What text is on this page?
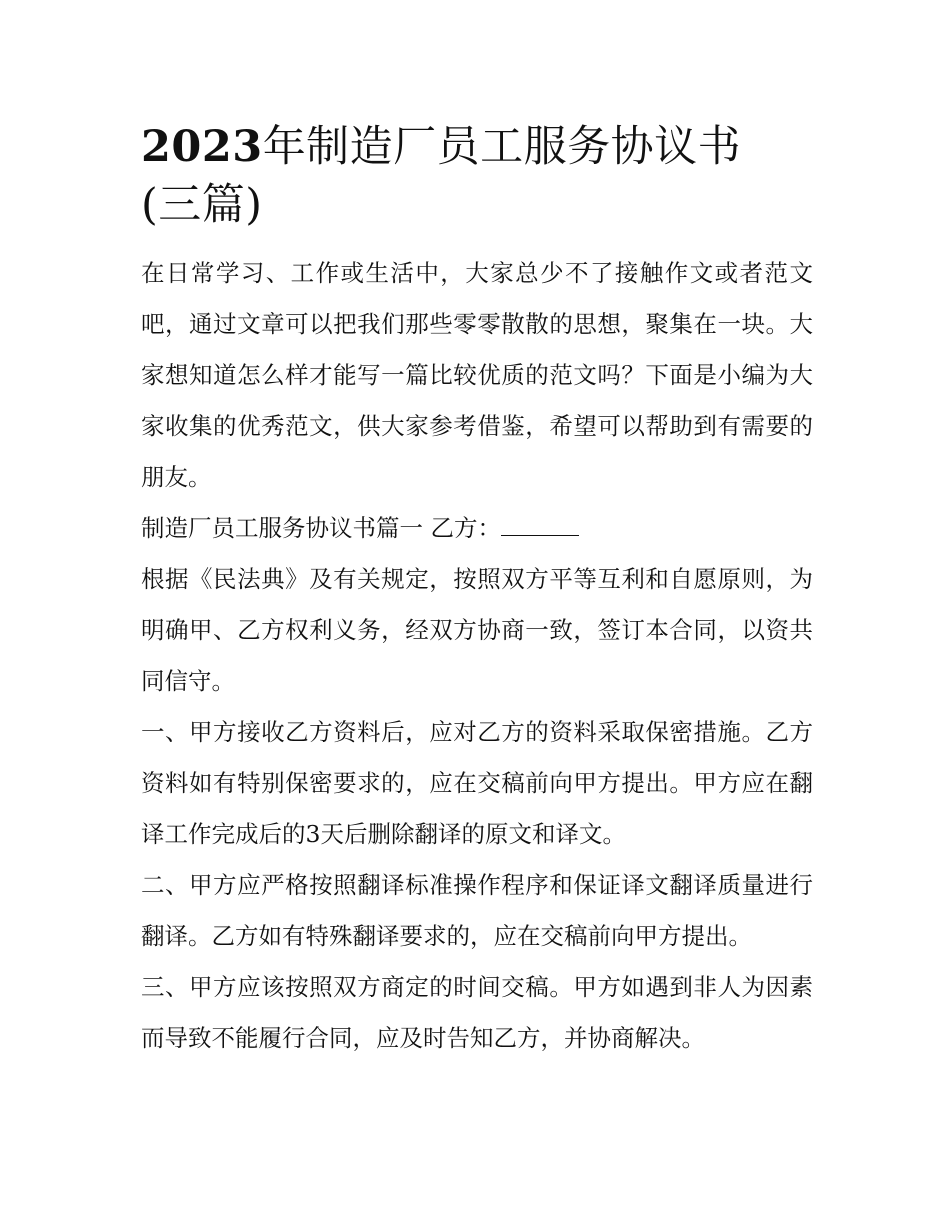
2023年制造厂员工服务协议书
(三篇)

在日常学习、工作或生活中，大家总少不了接触作文或者范文吧，通过文章可以把我们那些零零散散的思想，聚集在一块。大家想知道怎么样才能写一篇比较优质的范文吗？下面是小编为大家收集的优秀范文，供大家参考借鉴，希望可以帮助到有需要的朋友。

制造厂员工服务协议书篇一 乙方：

根据《民法典》及有关规定，按照双方平等互利和自愿原则，为明确甲、乙方权利义务，经双方协商一致，签订本合同，以资共同信守。

一、甲方接收乙方资料后，应对乙方的资料采取保密措施。乙方资料如有特别保密要求的，应在交稿前向甲方提出。甲方应在翻译工作完成后的3天后删除翻译的原文和译文。

二、甲方应严格按照翻译标准操作程序和保证译文翻译质量进行翻译。乙方如有特殊翻译要求的，应在交稿前向甲方提出。

三、甲方应该按照双方商定的时间交稿。甲方如遇到非人为因素而导致不能履行合同，应及时告知乙方，并协商解决。
